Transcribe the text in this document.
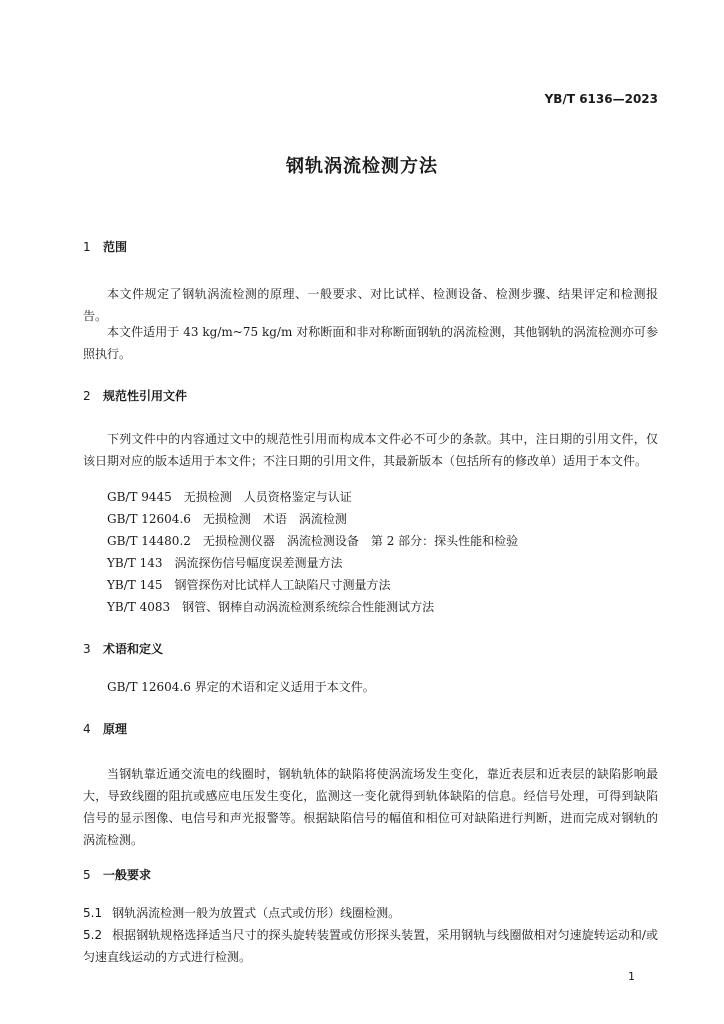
YB/T 6136—2023
钢轨涡流检测方法
1 范围
本文件规定了钢轨涡流检测的原理、一般要求、对比试样、检测设备、检测步骤、结果评定和检测报告。
本文件适用于 43 kg/m~75 kg/m 对称断面和非对称断面钢轨的涡流检测，其他钢轨的涡流检测亦可参照执行。
2 规范性引用文件
下列文件中的内容通过文中的规范性引用而构成本文件必不可少的条款。其中，注日期的引用文件，仅该日期对应的版本适用于本文件；不注日期的引用文件，其最新版本（包括所有的修改单）适用于本文件。
GB/T 9445　无损检测　人员资格鉴定与认证
GB/T 12604.6　无损检测　术语　涡流检测
GB/T 14480.2　无损检测仪器　涡流检测设备　第 2 部分：探头性能和检验
YB/T 143　涡流探伤信号幅度误差测量方法
YB/T 145　钢管探伤对比试样人工缺陷尺寸测量方法
YB/T 4083　钢管、钢棒自动涡流检测系统综合性能测试方法
3 术语和定义
GB/T 12604.6 界定的术语和定义适用于本文件。
4 原理
当钢轨靠近通交流电的线圈时，钢轨轨体的缺陷将使涡流场发生变化，靠近表层和近表层的缺陷影响最大，导致线圈的阻抗或感应电压发生变化，监测这一变化就得到轨体缺陷的信息。经信号处理，可得到缺陷信号的显示图像、电信号和声光报警等。根据缺陷信号的幅值和相位可对缺陷进行判断，进而完成对钢轨的涡流检测。
5 一般要求
5.1 钢轨涡流检测一般为放置式（点式或仿形）线圈检测。
5.2 根据钢轨规格选择适当尺寸的探头旋转装置或仿形探头装置，采用钢轨与线圈做相对匀速旋转运动和/或匀速直线运动的方式进行检测。
1
